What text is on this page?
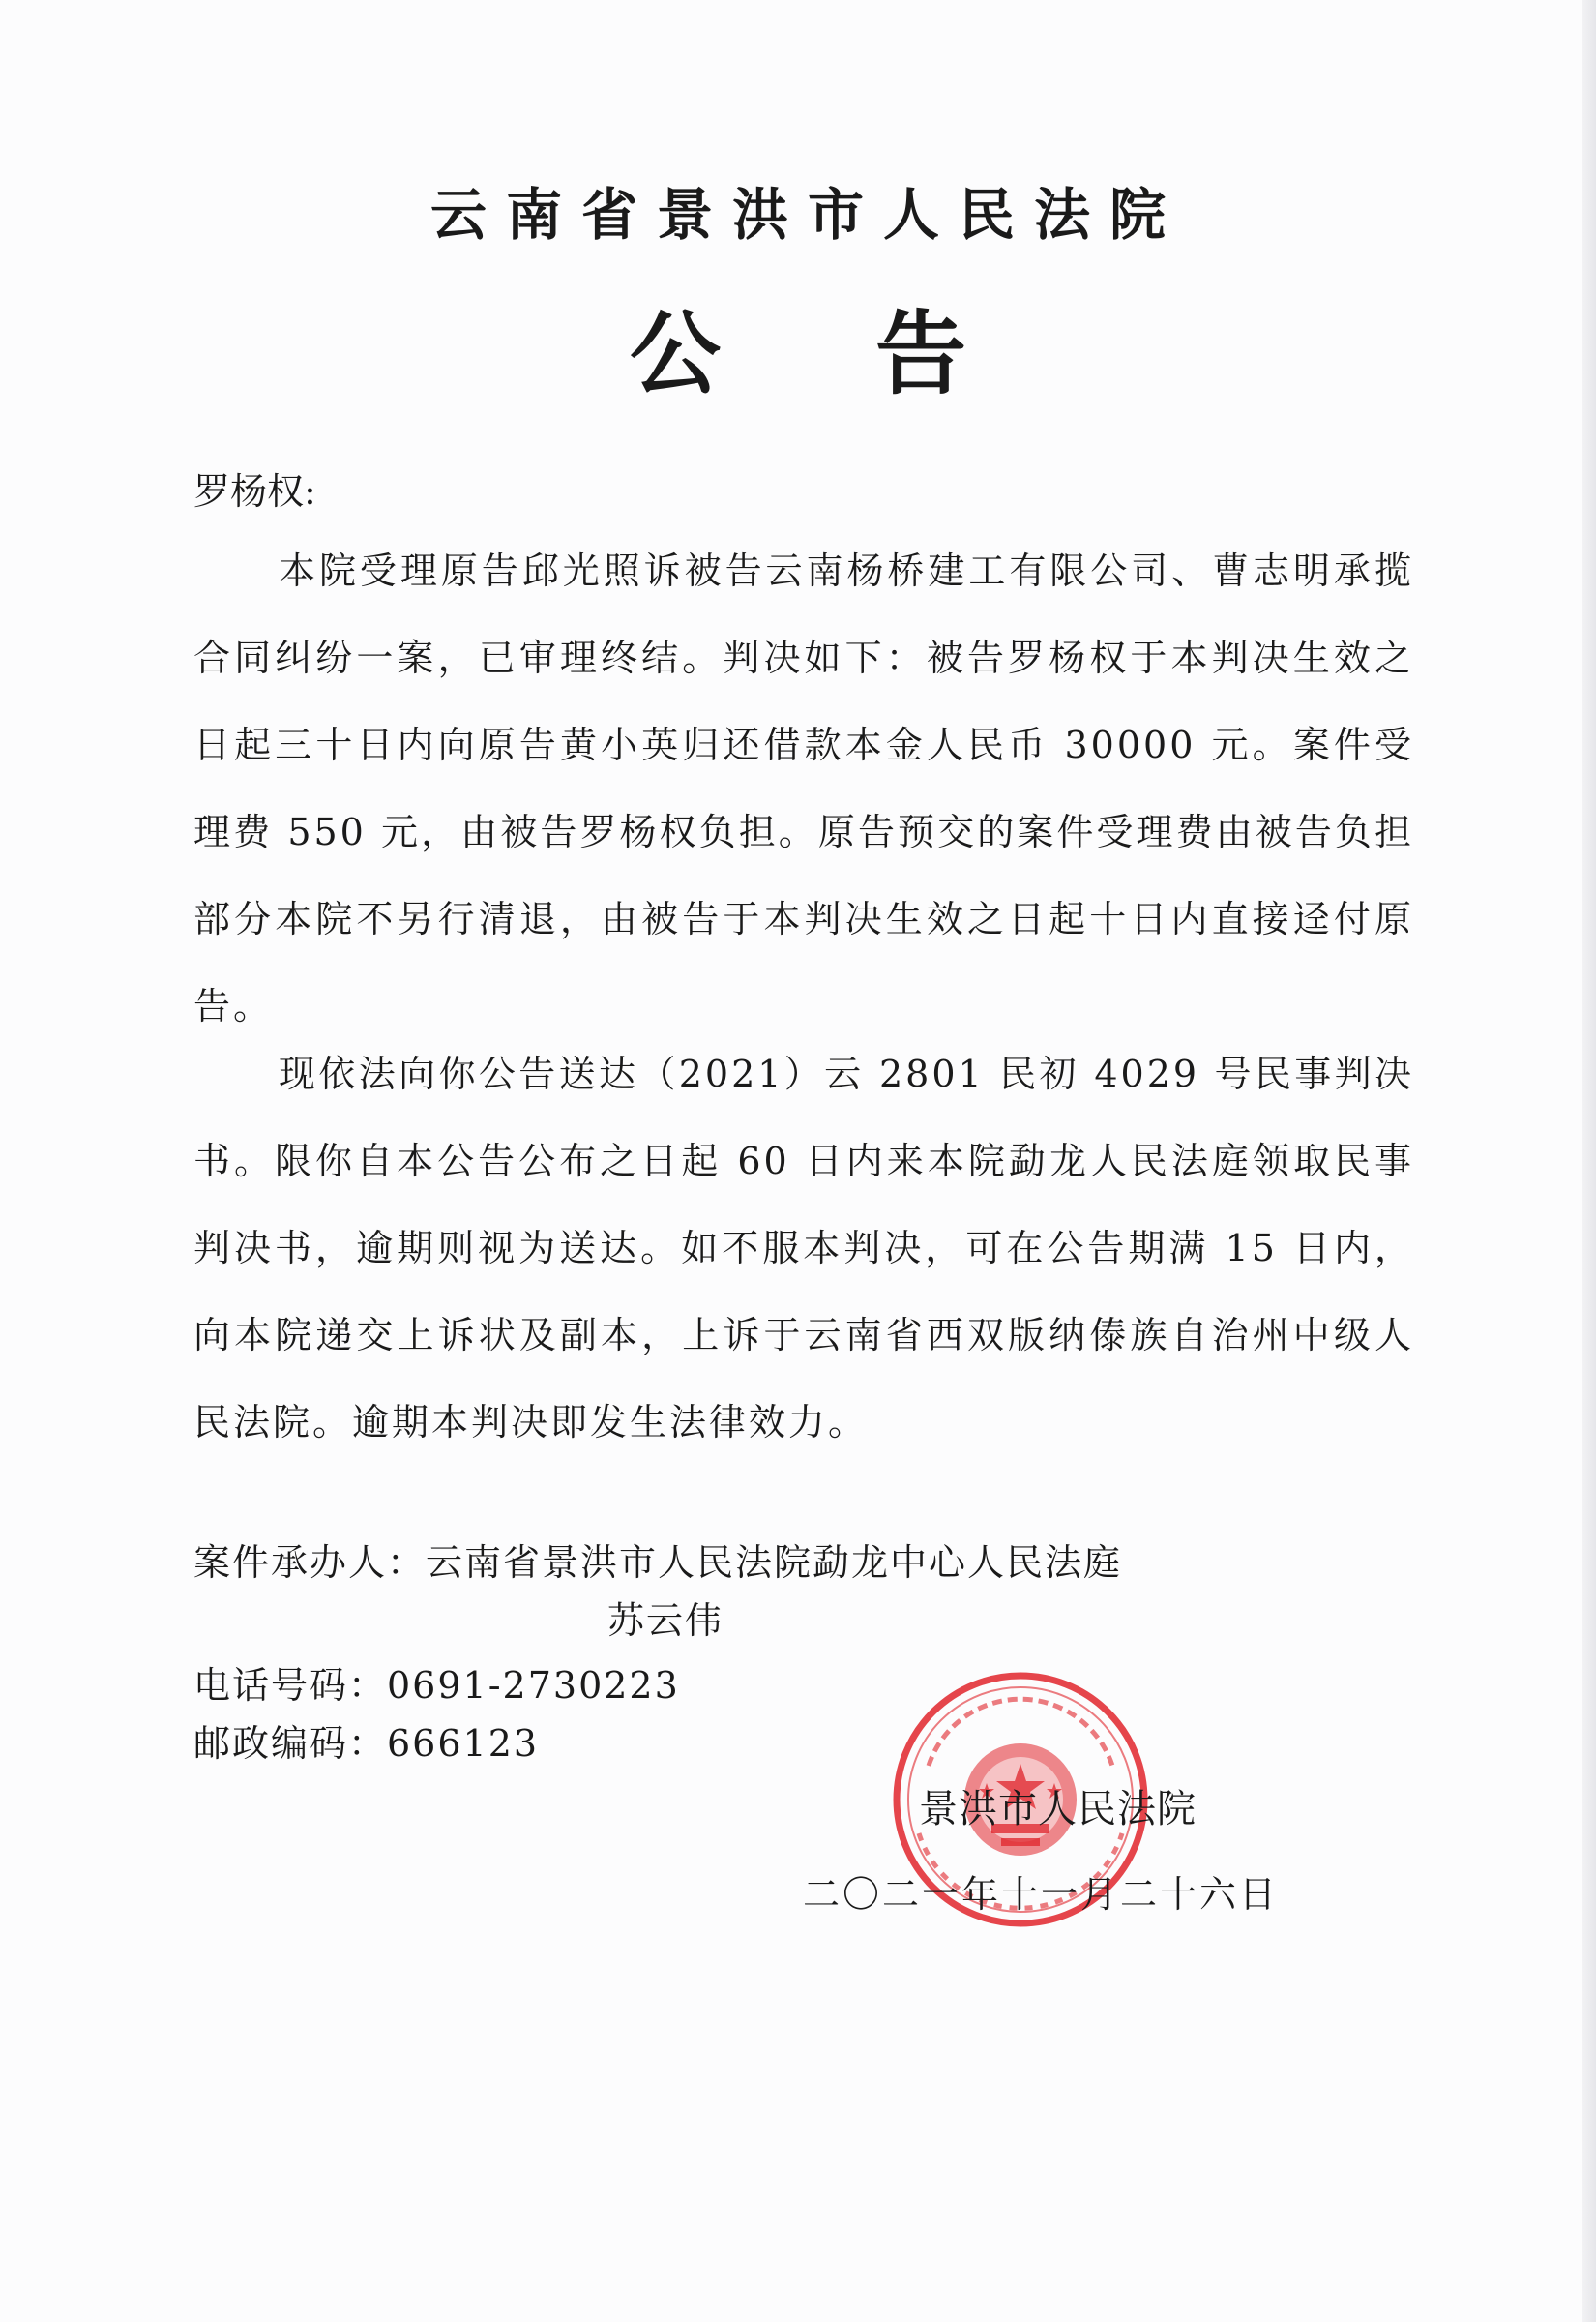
云南省景洪市人民法院
公告
罗杨权:

本院受理原告邱光照诉被告云南杨桥建工有限公司、曹志明承揽合同纠纷一案，已审理终结。判决如下：被告罗杨权于本判决生效之日起三十日内向原告黄小英归还借款本金人民币 30000 元。案件受理费 550 元，由被告罗杨权负担。原告预交的案件受理费由被告负担部分本院不另行清退，由被告于本判决生效之日起十日内直接迳付原告。

现依法向你公告送达（2021）云 2801 民初 4029 号民事判决书。限你自本公告公布之日起 60 日内来本院勐龙人民法庭领取民事判决书，逾期则视为送达。如不服本判决，可在公告期满 15 日内，向本院递交上诉状及副本，上诉于云南省西双版纳傣族自治州中级人民法院。逾期本判决即发生法律效力。

案件承办人：云南省景洪市人民法院勐龙中心人民法庭
苏云伟
电话号码：0691-2730223
邮政编码：666123
景洪市人民法院
二〇二一年十一月二十六日
